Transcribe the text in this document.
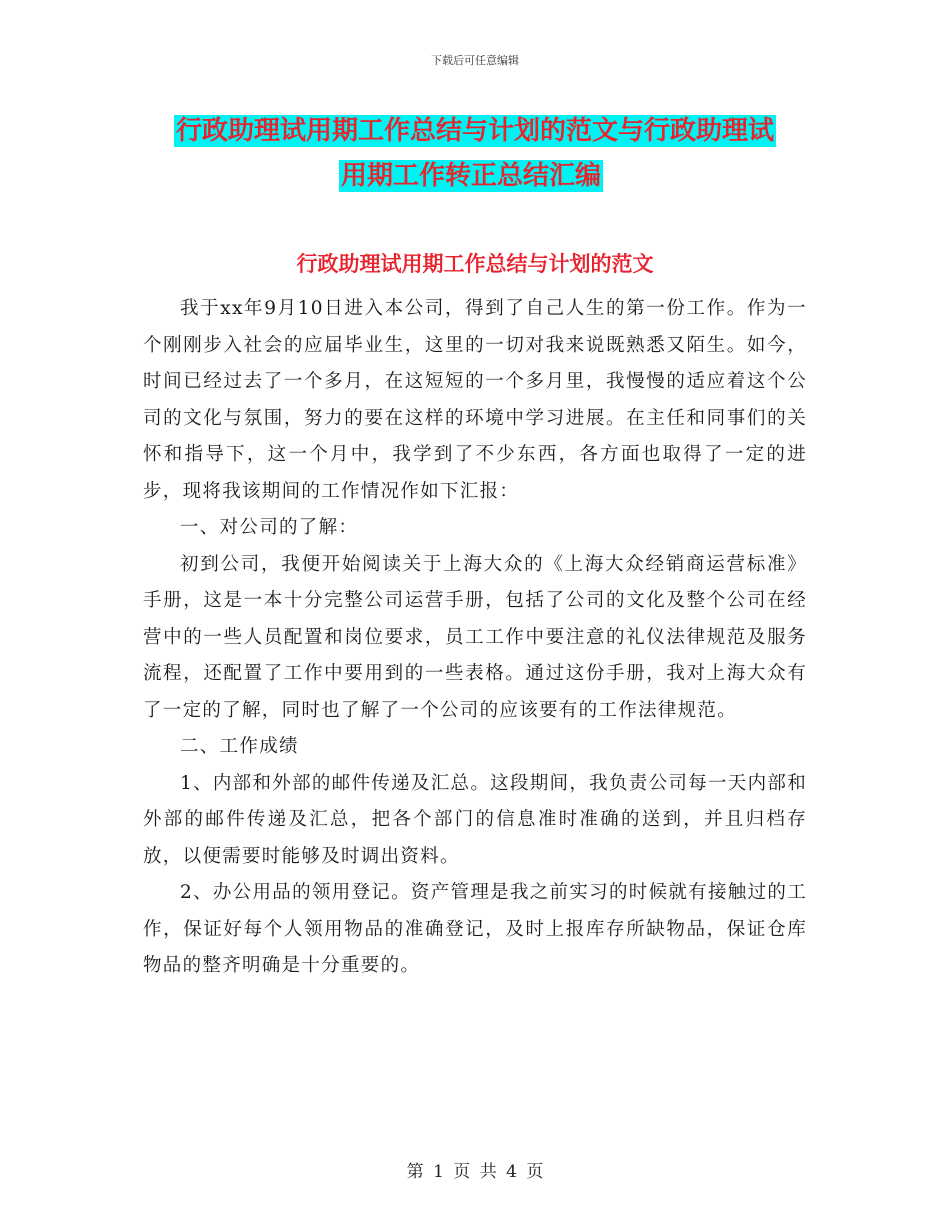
下载后可任意编辑
行政助理试用期工作总结与计划的范文与行政助理试
用期工作转正总结汇编
行政助理试用期工作总结与计划的范文

我于xx年9月10日进入本公司，得到了自己人生的第一份工作。作为一个刚刚步入社会的应届毕业生，这里的一切对我来说既熟悉又陌生。如今，时间已经过去了一个多月，在这短短的一个多月里，我慢慢的适应着这个公司的文化与氛围，努力的要在这样的环境中学习进展。在主任和同事们的关怀和指导下，这一个月中，我学到了不少东西，各方面也取得了一定的进步，现将我该期间的工作情况作如下汇报：

一、对公司的了解：

初到公司，我便开始阅读关于上海大众的《上海大众经销商运营标准》手册，这是一本十分完整公司运营手册，包括了公司的文化及整个公司在经营中的一些人员配置和岗位要求，员工工作中要注意的礼仪法律规范及服务流程，还配置了工作中要用到的一些表格。通过这份手册，我对上海大众有了一定的了解，同时也了解了一个公司的应该要有的工作法律规范。

二、工作成绩

1、内部和外部的邮件传递及汇总。这段期间，我负责公司每一天内部和外部的邮件传递及汇总，把各个部门的信息准时准确的送到，并且归档存放，以便需要时能够及时调出资料。

2、办公用品的领用登记。资产管理是我之前实习的时候就有接触过的工作，保证好每个人领用物品的准确登记，及时上报库存所缺物品，保证仓库物品的整齐明确是十分重要的。

第 1 页 共 4 页
